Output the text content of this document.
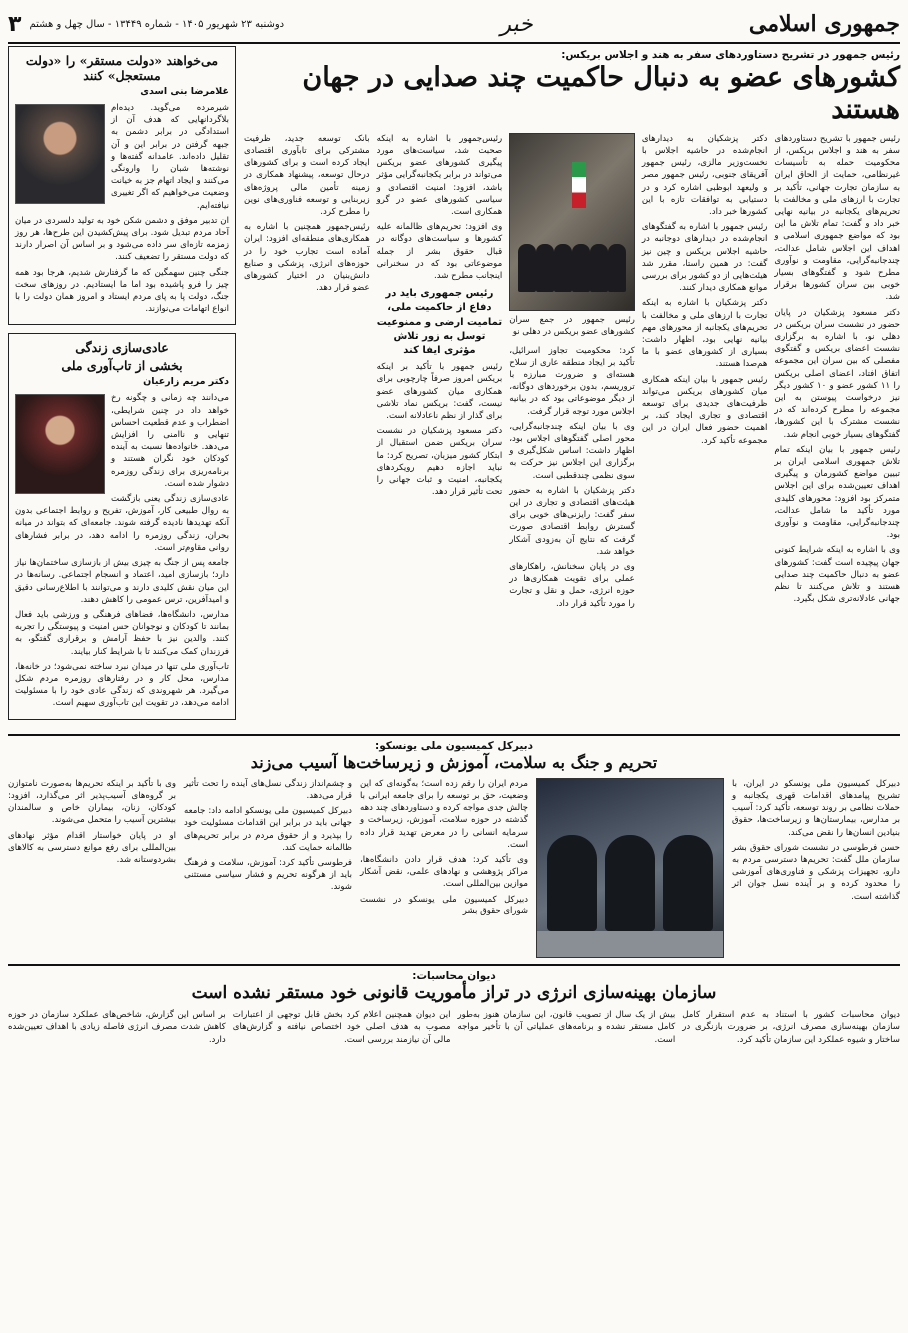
جمهوری اسلامی
خبر
دوشنبه ۲۳ شهریور ۱۴۰۵ - شماره ۱۳۴۴۹ - سال چهل و هشتم
۳
رئیس جمهور در تشریح دستاوردهای سفر به هند و اجلاس بریکس:
کشورهای عضو به دنبال حاکمیت چند صدایی در جهان هستند

رئیس جمهور با تشریح دستاوردهای سفر به هند و اجلاس بریکس، از محکومیت حمله به تأسیسات غیرنظامی، حمایت از الحاق ایران به سازمان تجارت جهانی، تأکید بر تجارت با ارزهای ملی و مخالفت با تحریم‌های یکجانبه در بیانیه نهایی خبر داد و گفت: تمام تلاش ما این بود که مواضع جمهوری اسلامی و اهداف این اجلاس شامل عدالت، چندجانبه‌گرایی، مقاومت و نوآوری مطرح شود و گفتگوهای بسیار خوبی بین سران کشورها برقرار شد.

دکتر مسعود پزشکیان در پایان حضور در نشست سران بریکس در دهلی نو، با اشاره به برگزاری نشست اعضای بریکس و گفتگوی مفصلی که بین سران این مجموعه اتفاق افتاد، اعضای اصلی بریکس را ۱۱ کشور عضو و ۱۰ کشور دیگر نیز درخواست پیوستن به این مجموعه را مطرح کرده‌اند که در نشست مشترک با این کشورها، گفتگوهای بسیار خوبی انجام شد.

رئیس جمهور با بیان اینکه تمام تلاش جمهوری اسلامی ایران بر تبیین مواضع کشورمان و پیگیری اهداف تعیین‌شده برای این اجلاس متمرکز بود افزود: محورهای کلیدی مورد تأکید ما شامل عدالت، چندجانبه‌گرایی، مقاومت و نوآوری بود.

وی با اشاره به اینکه شرایط کنونی جهان پیچیده است گفت: کشورهای عضو به دنبال حاکمیت چند صدایی هستند و تلاش می‌کنند تا نظم جهانی عادلانه‌تری شکل بگیرد.

دکتر پزشکیان به دیدارهای انجام‌شده در حاشیه اجلاس با نخست‌وزیر مالزی، رئیس جمهور آفریقای جنوبی، رئیس جمهور مصر و ولیعهد ابوظبی اشاره کرد و در دستیابی به توافقات تازه با این کشورها خبر داد.

رئیس جمهور با اشاره به گفتگوهای انجام‌شده در دیدارهای دوجانبه در حاشیه اجلاس بریکس و چین نیز گفت: در همین راستا، مقرر شد هیئت‌هایی از دو کشور برای بررسی موانع همکاری دیدار کنند.

دکتر پزشکیان با اشاره به اینکه تجارت با ارزهای ملی و مخالفت با تحریم‌های یکجانبه از محورهای مهم بیانیه نهایی بود، اظهار داشت: بسیاری از کشورهای عضو با ما هم‌صدا هستند.

رئیس جمهور با بیان اینکه همکاری میان کشورهای بریکس می‌تواند ظرفیت‌های جدیدی برای توسعه اقتصادی و تجاری ایجاد کند، بر اهمیت حضور فعال ایران در این مجموعه تأکید کرد.

رئیس جمهور در جمع سران کشورهای عضو بریکس در دهلی نو

کرد: محکومیت تجاوز اسرائیل، تأکید بر ایجاد منطقه عاری از سلاح هسته‌ای و ضرورت مبارزه با تروریسم، بدون برخوردهای دوگانه، از دیگر موضوعاتی بود که در بیانیه اجلاس مورد توجه قرار گرفت.

وی با بیان اینکه چندجانبه‌گرایی، محور اصلی گفتگوهای اجلاس بود، اظهار داشت: اساس شکل‌گیری و برگزاری این اجلاس نیز حرکت به سوی نظمی چندقطبی است.

دکتر پزشکیان با اشاره به حضور هیئت‌های اقتصادی و تجاری در این سفر گفت: رایزنی‌های خوبی برای گسترش روابط اقتصادی صورت گرفت که نتایج آن به‌زودی آشکار خواهد شد.

وی در پایان سخنانش، راهکارهای عملی برای تقویت همکاری‌ها در حوزه انرژی، حمل و نقل و تجارت را مورد تأکید قرار داد.

رئیس‌جمهور با اشاره به اینکه صحبت شد، سیاست‌های مورد پیگیری کشورهای عضو بریکس می‌تواند در برابر یکجانبه‌گرایی مؤثر باشد، افزود: امنیت اقتصادی و سیاسی کشورهای عضو در گرو همکاری است.

وی افزود: تحریم‌های ظالمانه علیه کشورها و سیاست‌های دوگانه در قبال حقوق بشر از جمله موضوعاتی بود که در سخنرانی اینجانب مطرح شد.

رئیس جمهوری باید در دفاع از حاکمیت ملی، تمامیت ارضی و ممنوعیت توسل به زور تلاش مؤثری ایفا کند

رئیس جمهور با تأکید بر اینکه بریکس امروز صرفاً چارچوبی برای همکاری میان کشورهای عضو نیست، گفت: بریکس نماد تلاشی برای گذار از نظم ناعادلانه است.

دکتر مسعود پزشکیان در نشست سران بریکس ضمن استقبال از ابتکار کشور میزبان، تصریح کرد: ما نباید اجازه دهیم رویکردهای یکجانبه، امنیت و ثبات جهانی را تحت تأثیر قرار دهد.

بانک توسعه جدید، ظرفیت مشترکی برای تابآوری اقتصادی ایجاد کرده است و برای کشورهای درحال توسعه، پیشنهاد همکاری در زمینه تأمین مالی پروژه‌های زیربنایی و توسعه فناوری‌های نوین را مطرح کرد.

رئیس‌جمهور همچنین با اشاره به همکاری‌های منطقه‌ای افزود: ایران آماده است تجارب خود را در حوزه‌های انرژی، پزشکی و صنایع دانش‌بنیان در اختیار کشورهای عضو قرار دهد.

می‌خواهند «دولت مستقر» را «دولت مستعجل» کنند
غلامرضا بنی اسدی

شیرمرده می‌گوید. دیده‌ام بلاگردانهایی که هدف آن از استدادگی در برابر دشمن به جبهه گرفتن در برابر این و آن تقلیل داده‌اند. عامدانه گفته‌ها و نوشته‌ها شبان را وارونگی می‌کنند و ایجاد اتهام جز به خیانت وضعیت می‌خواهیم که اگر تغییری نیافته‌ایم.

ان تدبیر موفق و دشمن شکن خود به تولید دلسردی در میان آحاد مردم تبدیل شود. برای پیش‌کشیدن این طرح‌ها، هر روز زمزمه تازه‌ای سر داده می‌شود و بر اساس آن اصرار دارند که دولت مستقر را تضعیف کنند.

جنگی چنین سهمگین که ما گرفتارش شدیم، هرجا بود همه چیز را فرو پاشیده بود اما ما ایستادیم. در روزهای سخت جنگ، دولت پا به پای مردم ایستاد و امروز همان دولت را با انواع اتهامات می‌نوازند.

عادی‌سازی زندگی
بخشی از تاب‌آوری ملی
دکتر مریم زارعیان

می‌دانند چه زمانی و چگونه رخ خواهد داد در چنین شرایطی، اضطراب و عدم قطعیت احساس تنهایی و ناامنی را افزایش می‌دهد. خانواده‌ها نسبت به آینده کودکان خود نگران هستند و برنامه‌ریزی برای زندگی روزمره دشوار شده است.

عادی‌سازی زندگی یعنی بازگشت به روال طبیعی کار، آموزش، تفریح و روابط اجتماعی بدون آنکه تهدیدها نادیده گرفته شوند. جامعه‌ای که بتواند در میانه بحران، زندگی روزمره را ادامه دهد، در برابر فشارهای روانی مقاوم‌تر است.

جامعه پس از جنگ به چیزی بیش از بازسازی ساختمان‌ها نیاز دارد؛ بازسازی امید، اعتماد و انسجام اجتماعی. رسانه‌ها در این میان نقش کلیدی دارند و می‌توانند با اطلاع‌رسانی دقیق و امیدآفرین، ترس عمومی را کاهش دهند.

مدارس، دانشگاه‌ها، فضاهای فرهنگی و ورزشی باید فعال بمانند تا کودکان و نوجوانان حس امنیت و پیوستگی را تجربه کنند. والدین نیز با حفظ آرامش و برقراری گفتگو، به فرزندان کمک می‌کنند تا با شرایط کنار بیایند.

تاب‌آوری ملی تنها در میدان نبرد ساخته نمی‌شود؛ در خانه‌ها، مدارس، محل کار و در رفتارهای روزمره مردم شکل می‌گیرد. هر شهروندی که زندگی عادی خود را با مسئولیت ادامه می‌دهد، در تقویت این تاب‌آوری سهیم است.

دبیرکل کمیسیون ملی یونسکو:
تحریم و جنگ به سلامت، آموزش و زیرساخت‌ها آسیب می‌زند

دبیرکل کمیسیون ملی یونسکو در ایران، با تشریح پیامدهای اقدامات قهری یکجانبه و حملات نظامی بر روند توسعه، تأکید کرد: آسیب بر مدارس، بیمارستان‌ها و زیرساخت‌ها، حقوق بنیادین انسان‌ها را نقض می‌کند.

حسن فرطوسی در نشست شورای حقوق بشر سازمان ملل گفت: تحریم‌ها دسترسی مردم به دارو، تجهیزات پزشکی و فناوری‌های آموزشی را محدود کرده و بر آینده نسل جوان اثر گذاشته است.

مردم ایران را رقم زده است؛ به‌گونه‌ای که این وضعیت، حق بر توسعه را برای جامعه ایرانی با چالش جدی مواجه کرده و دستاوردهای چند دهه گذشته در حوزه سلامت، آموزش، زیرساخت و سرمایه انسانی را در معرض تهدید قرار داده است.

وی تأکید کرد: هدف قرار دادن دانشگاه‌ها، مراکز پژوهشی و نهادهای علمی، نقض آشکار موازین بین‌المللی است.

دبیرکل کمیسیون ملی یونسکو در نشست شورای حقوق بشر

و چشم‌انداز زندگی نسل‌های آینده را تحت تأثیر قرار می‌دهد.

دبیرکل کمیسیون ملی یونسکو ادامه داد: جامعه جهانی باید در برابر این اقدامات مسئولیت خود را بپذیرد و از حقوق مردم در برابر تحریم‌های ظالمانه حمایت کند.

فرطوسی تأکید کرد: آموزش، سلامت و فرهنگ باید از هرگونه تحریم و فشار سیاسی مستثنی شوند.

وی با تأکید بر اینکه تحریم‌ها به‌صورت نامتوازن بر گروه‌های آسیب‌پذیر اثر می‌گذارد، افزود: کودکان، زنان، بیماران خاص و سالمندان بیشترین آسیب را متحمل می‌شوند.

او در پایان خواستار اقدام مؤثر نهادهای بین‌المللی برای رفع موانع دسترسی به کالاهای بشردوستانه شد.

دیوان محاسبات:
سازمان بهینه‌سازی انرژی در تراز مأموریت قانونی خود مستقر نشده است

دیوان محاسبات کشور با استناد به عدم استقرار کامل سازمان بهینه‌سازی مصرف انرژی، بر ضرورت بازنگری در ساختار و شیوه عملکرد این سازمان تأکید کرد.

بیش از یک سال از تصویب قانون، این سازمان هنوز به‌طور کامل مستقر نشده و برنامه‌های عملیاتی آن با تأخیر مواجه است.

این دیوان همچنین اعلام کرد بخش قابل توجهی از اعتبارات مصوب به هدف اصلی خود اختصاص نیافته و گزارش‌های مالی آن نیازمند بررسی است.

بر اساس این گزارش، شاخص‌های عملکرد سازمان در حوزه کاهش شدت مصرف انرژی فاصله زیادی با اهداف تعیین‌شده دارد.
